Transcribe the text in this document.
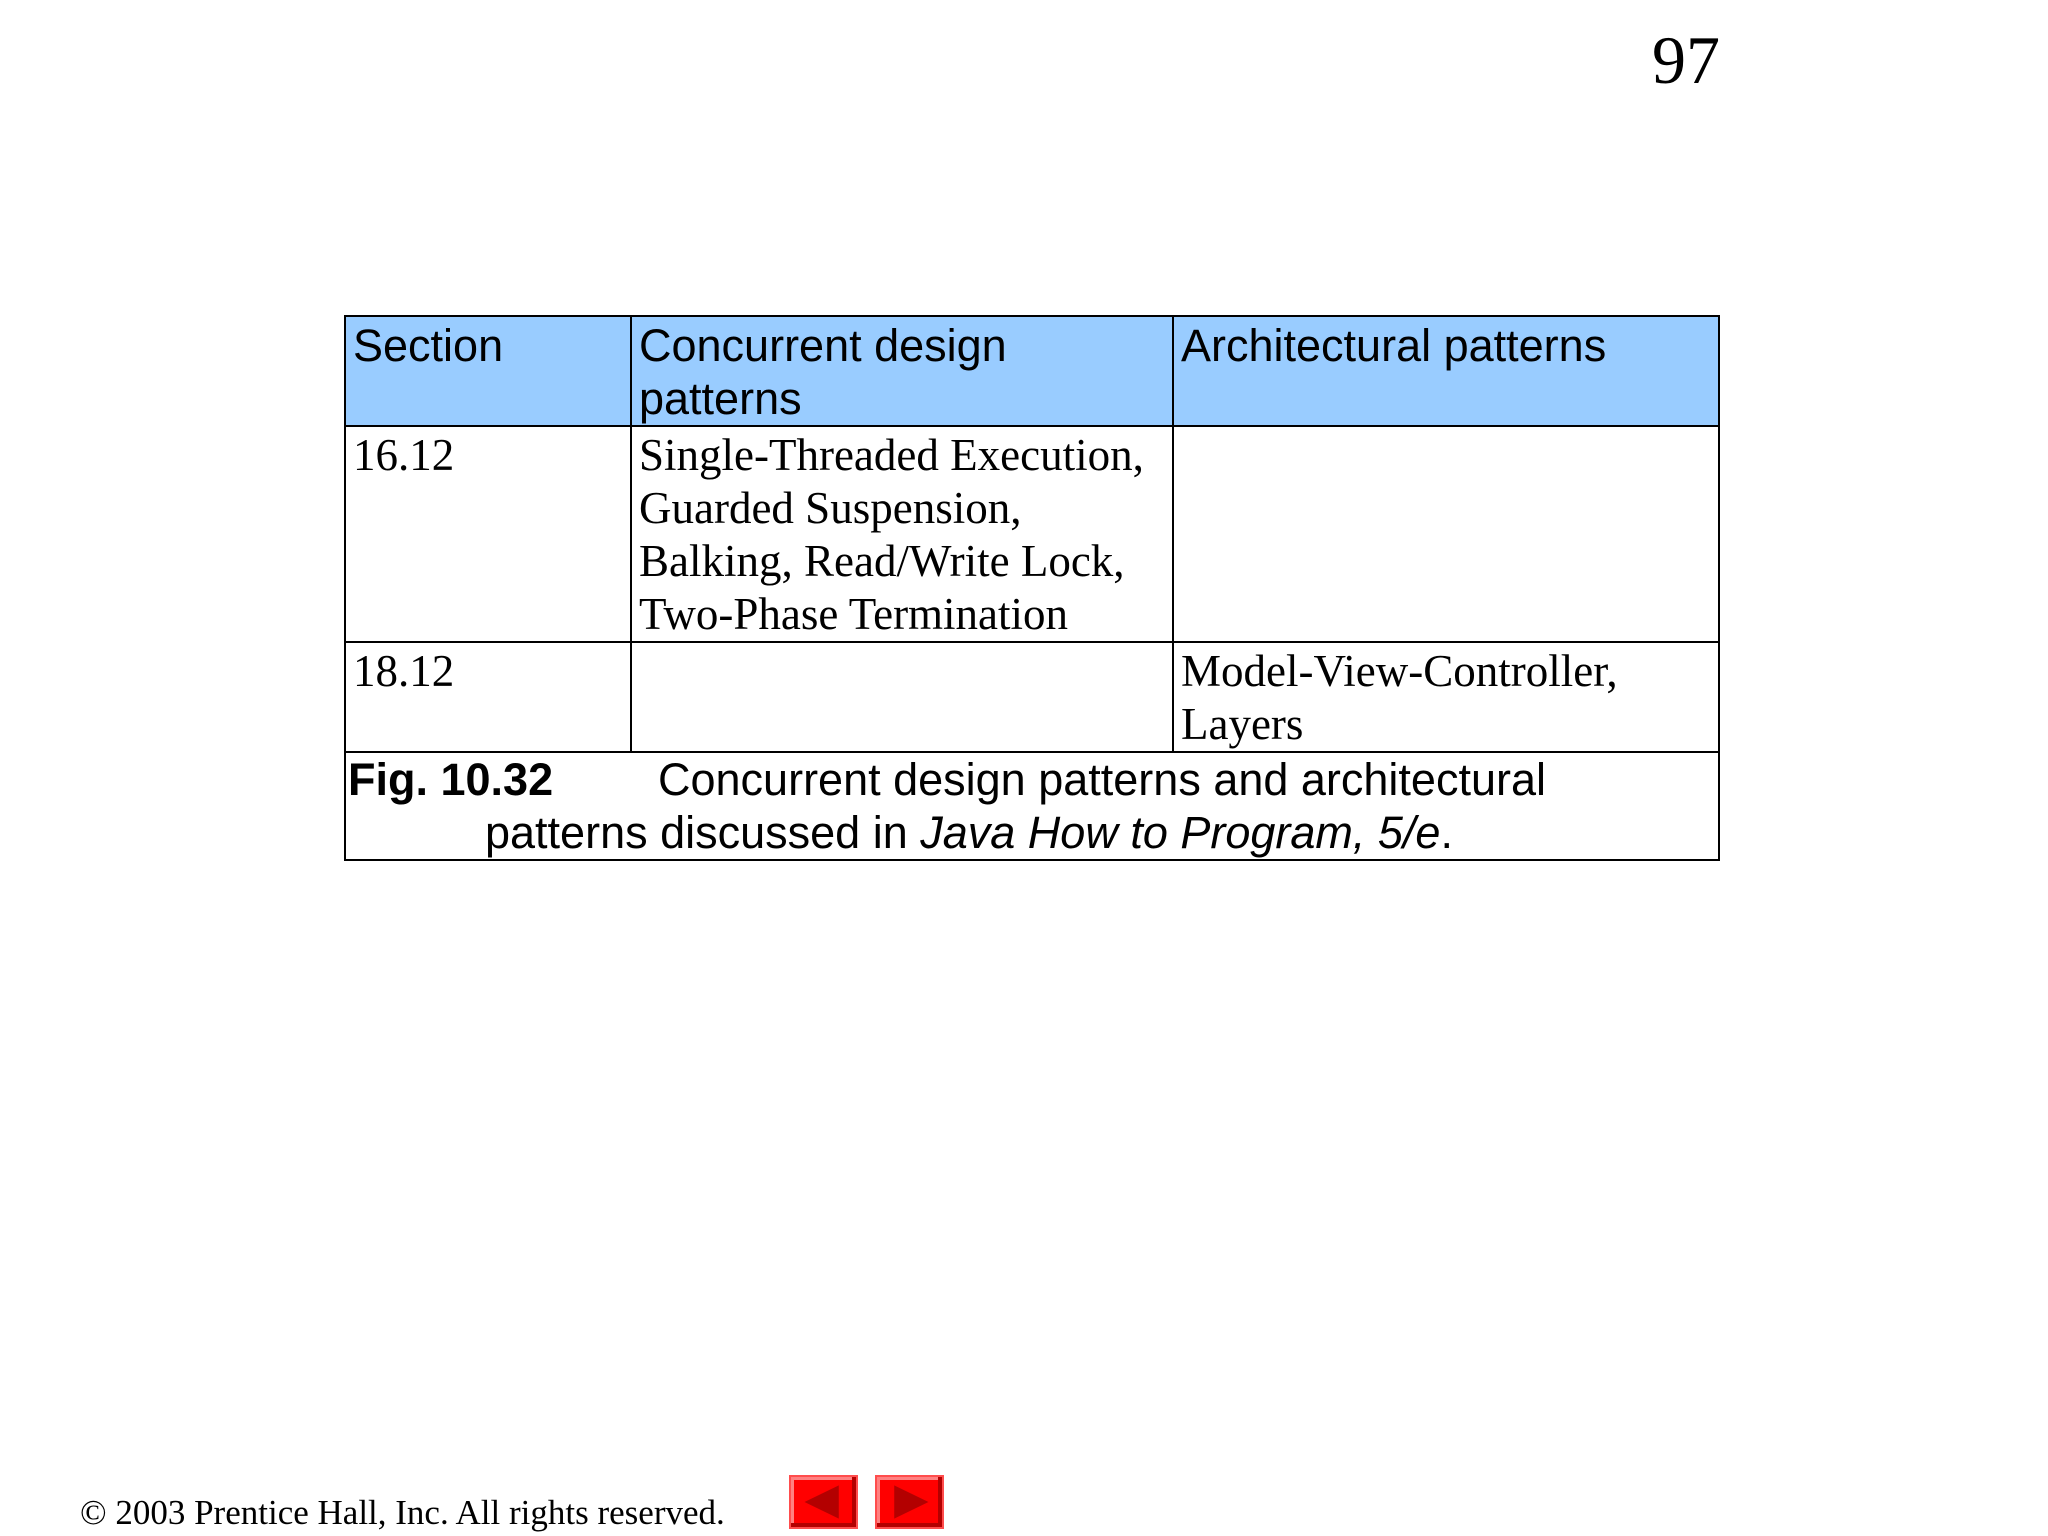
97
Section	Concurrent design patterns	Architectural patterns
16.12	Single-Threaded Execution, Guarded Suspension, Balking, Read/Write Lock, Two-Phase Termination	
18.12		Model-View-Controller, Layers

Fig. 10.32 Concurrent design patterns and architectural
patterns discussed in Java How to Program, 5/e.		
© 2003 Prentice Hall, Inc. All rights reserved.
